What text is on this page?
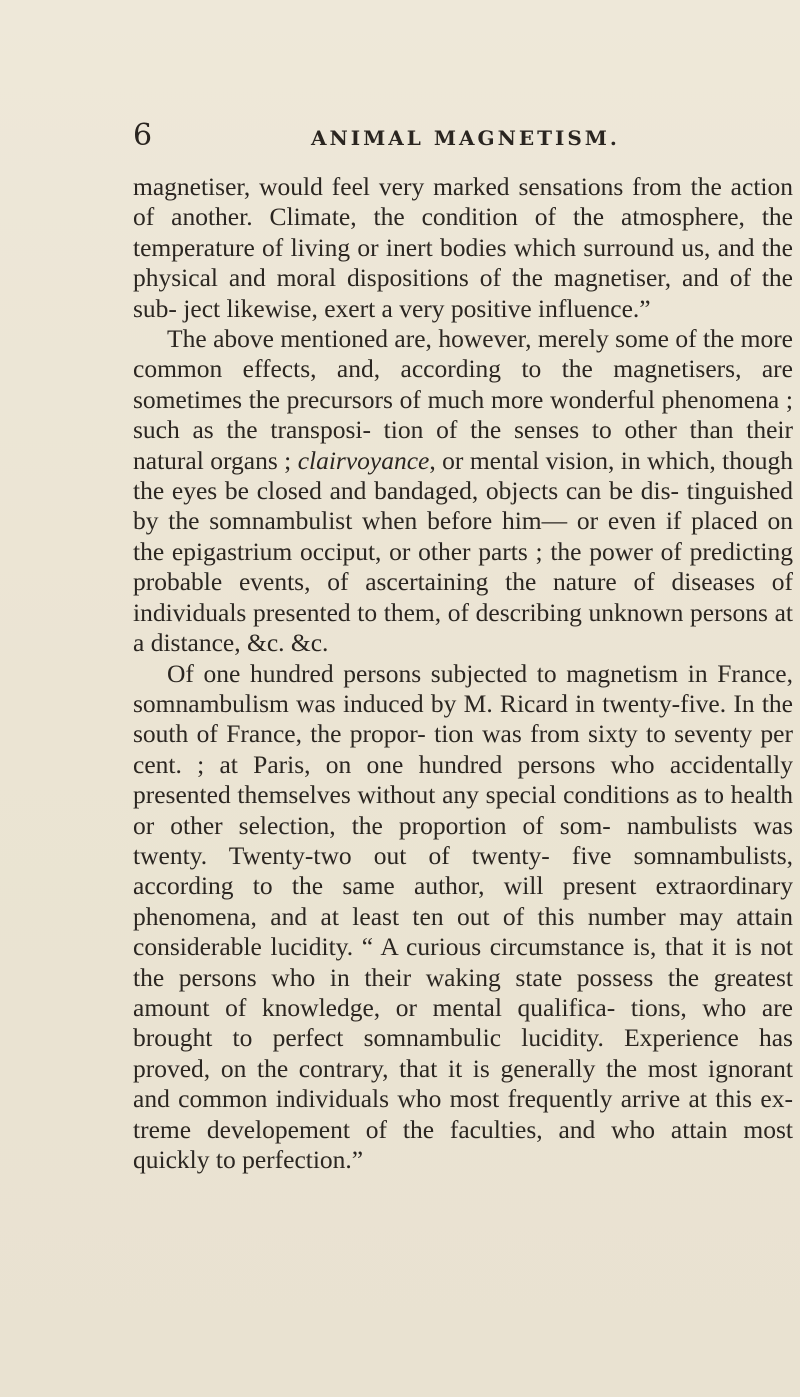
6	ANIMAL MAGNETISM.

magnetiser, would feel very marked sensations from the action of another. Climate, the condition of the atmosphere, the temperature of living or inert bodies which surround us, and the physical and moral dispositions of the magnetiser, and of the sub- ject likewise, exert a very positive influence.”

The above mentioned are, however, merely some of the more common effects, and, according to the magnetisers, are sometimes the precursors of much more wonderful phenomena ; such as the transposi- tion of the senses to other than their natural organs ; clairvoyance, or mental vision, in which, though the eyes be closed and bandaged, objects can be dis- tinguished by the somnambulist when before him— or even if placed on the epigastrium occiput, or other parts ; the power of predicting probable events, of ascertaining the nature of diseases of individuals presented to them, of describing unknown persons at a distance, &c. &c.

Of one hundred persons subjected to magnetism in France, somnambulism was induced by M. Ricard in twenty-five. In the south of France, the propor- tion was from sixty to seventy per cent. ; at Paris, on one hundred persons who accidentally presented themselves without any special conditions as to health or other selection, the proportion of som- nambulists was twenty. Twenty-two out of twenty- five somnambulists, according to the same author, will present extraordinary phenomena, and at least ten out of this number may attain considerable lucidity. “ A curious circumstance is, that it is not the persons who in their waking state possess the greatest amount of knowledge, or mental qualifica- tions, who are brought to perfect somnambulic lucidity. Experience has proved, on the contrary, that it is generally the most ignorant and common individuals who most frequently arrive at this ex- treme developement of the faculties, and who attain most quickly to perfection.”
